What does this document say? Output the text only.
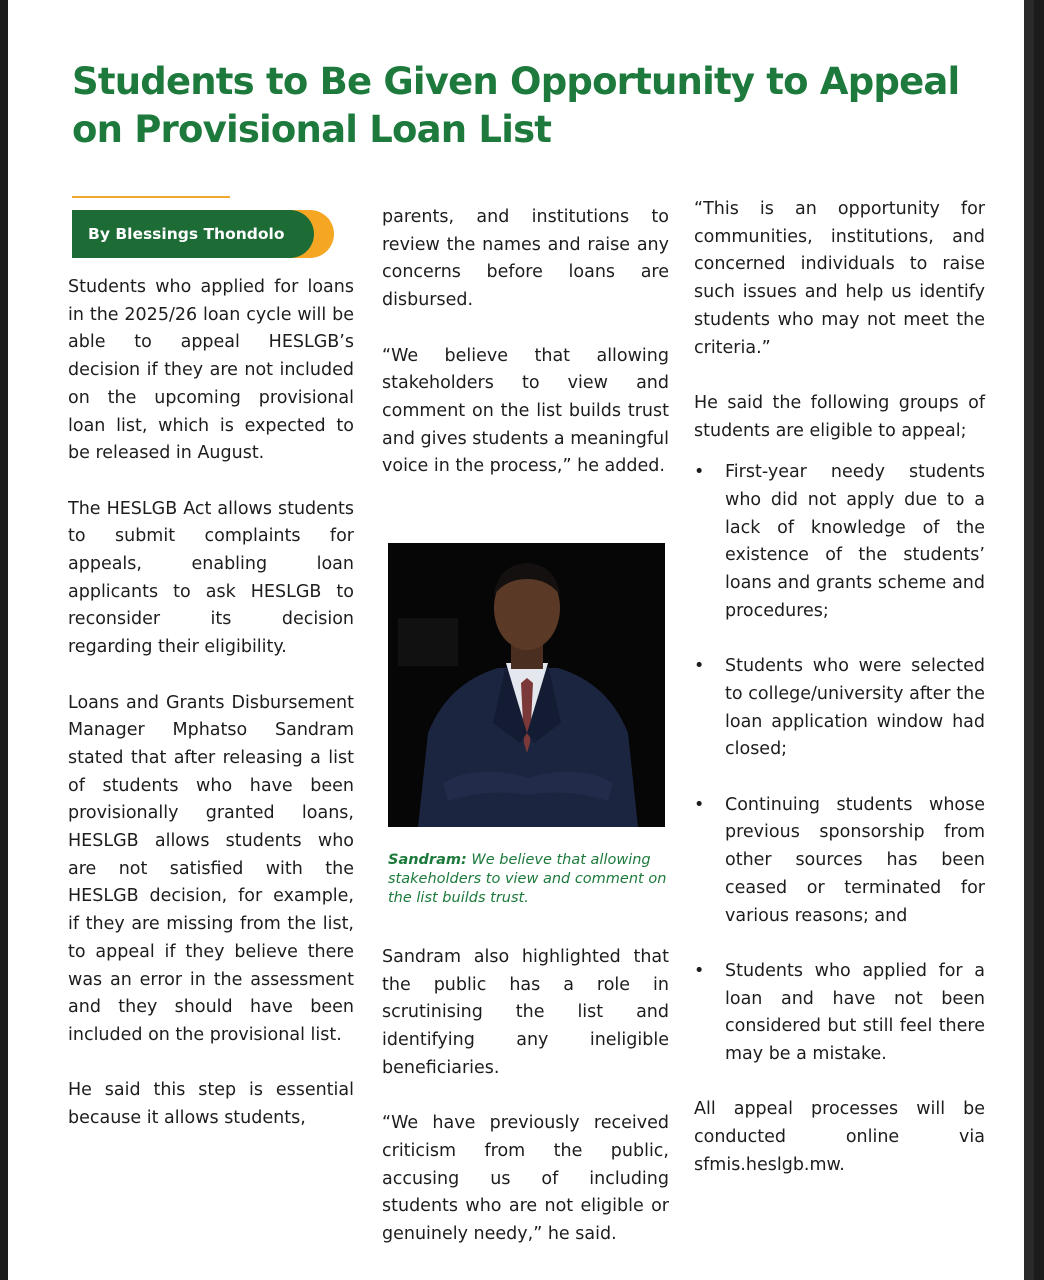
Students to Be Given Opportunity to Appeal on Provisional Loan List
By Blessings Thondolo

Students who applied for loans in the 2025/26 loan cycle will be able to appeal HESLGB’s decision if they are not included on the upcoming provisional loan list, which is expected to be released in August.

The HESLGB Act allows students to submit complaints for appeals, enabling loan applicants to ask HESLGB to reconsider its decision regarding their eligibility.

Loans and Grants Disbursement Manager Mphatso Sandram stated that after releasing a list of students who have been provisionally granted loans, HESLGB allows students who are not satisfied with the HESLGB decision, for example, if they are missing from the list, to appeal if they believe there was an error in the assessment and they should have been included on the provisional list.

He said this step is essential because it allows students,

parents, and institutions to review the names and raise any concerns before loans are disbursed.

“We believe that allowing stakeholders to view and comment on the list builds trust and gives students a meaningful voice in the process,” he added.

Sandram: We believe that allowing stakeholders to view and comment on the list builds trust.

Sandram also highlighted that the public has a role in scrutinising the list and identifying any ineligible beneficiaries.

“We have previously received criticism from the public, accusing us of including students who are not eligible or genuinely needy,” he said.

“This is an opportunity for communities, institutions, and concerned individuals to raise such issues and help us identify students who may not meet the criteria.”

He said the following groups of students are eligible to appeal;

• First-year needy students who did not apply due to a lack of knowledge of the existence of the students’ loans and grants scheme and procedures;
• Students who were selected to college/university after the loan application window had closed;
• Continuing students whose previous sponsorship from other sources has been ceased or terminated for various reasons; and
• Students who applied for a loan and have not been considered but still feel there may be a mistake.

All appeal processes will be conducted online via sfmis.heslgb.mw.
